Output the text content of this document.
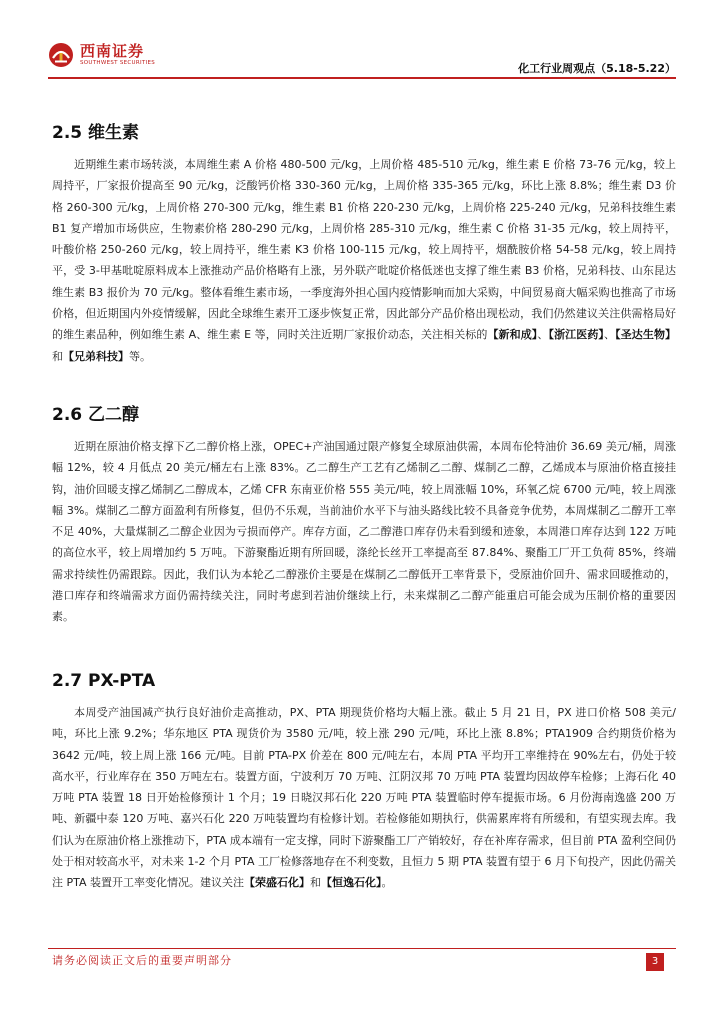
西南证券
SOUTHWEST SECURITIES	化工行业周观点（5.18-5.22）
2.5 维生素

近期维生素市场转淡，本周维生素 A 价格 480-500 元/kg，上周价格 485-510 元/kg，维生素 E 价格 73-76 元/kg，较上周持平，厂家报价提高至 90 元/kg，泛酸钙价格 330-360 元/kg，上周价格 335-365 元/kg，环比上涨 8.8%；维生素 D3 价格 260-300 元/kg，上周价格 270-300 元/kg，维生素 B1 价格 220-230 元/kg，上周价格 225-240 元/kg，兄弟科技维生素 B1 复产增加市场供应，生物素价格 280-290 元/kg，上周价格 285-310 元/kg，维生素 C 价格 31-35 元/kg，较上周持平，叶酸价格 250-260 元/kg，较上周持平，维生素 K3 价格 100-115 元/kg，较上周持平，烟酰胺价格 54-58 元/kg，较上周持平，受 3-甲基吡啶原料成本上涨推动产品价格略有上涨，另外联产吡啶价格低迷也支撑了维生素 B3 价格，兄弟科技、山东昆达维生素 B3 报价为 70 元/kg。整体看维生素市场，一季度海外担心国内疫情影响而加大采购，中间贸易商大幅采购也推高了市场价格，但近期国内外疫情缓解，因此全球维生素开工逐步恢复正常，因此部分产品价格出现松动，我们仍然建议关注供需格局好的维生素品种，例如维生素 A、维生素 E 等，同时关注近期厂家报价动态，关注相关标的【新和成】、【浙江医药】、【圣达生物】和【兄弟科技】等。

2.6 乙二醇

近期在原油价格支撑下乙二醇价格上涨，OPEC+产油国通过限产修复全球原油供需，本周布伦特油价 36.69 美元/桶，周涨幅 12%，较 4 月低点 20 美元/桶左右上涨 83%。乙二醇生产工艺有乙烯制乙二醇、煤制乙二醇，乙烯成本与原油价格直接挂钩，油价回暖支撑乙烯制乙二醇成本，乙烯 CFR 东南亚价格 555 美元/吨，较上周涨幅 10%，环氧乙烷 6700 元/吨，较上周涨幅 3%。煤制乙二醇方面盈利有所修复，但仍不乐观，当前油价水平下与油头路线比较不具备竞争优势，本周煤制乙二醇开工率不足 40%，大量煤制乙二醇企业因为亏损而停产。库存方面，乙二醇港口库存仍未看到缓和迹象，本周港口库存达到 122 万吨的高位水平，较上周增加约 5 万吨。下游聚酯近期有所回暖，涤纶长丝开工率提高至 87.84%、聚酯工厂开工负荷 85%，终端需求持续性仍需跟踪。因此，我们认为本轮乙二醇涨价主要是在煤制乙二醇低开工率背景下，受原油价回升、需求回暖推动的，港口库存和终端需求方面仍需持续关注，同时考虑到若油价继续上行，未来煤制乙二醇产能重启可能会成为压制价格的重要因素。

2.7 PX-PTA

本周受产油国减产执行良好油价走高推动，PX、PTA 期现货价格均大幅上涨。截止 5 月 21 日，PX 进口价格 508 美元/吨，环比上涨 9.2%；华东地区 PTA 现货价为 3580 元/吨，较上涨 290 元/吨，环比上涨 8.8%；PTA1909 合约期货价格为 3642 元/吨，较上周上涨 166 元/吨。目前 PTA-PX 价差在 800 元/吨左右，本周 PTA 平均开工率维持在 90%左右，仍处于较高水平，行业库存在 350 万吨左右。装置方面，宁波利万 70 万吨、江阴汉邦 70 万吨 PTA 装置均因故停车检修；上海石化 40 万吨 PTA 装置 18 日开始检修预计 1 个月；19 日晓汉邦石化 220 万吨 PTA 装置临时停车提振市场。6 月份海南逸盛 200 万吨、新疆中泰 120 万吨、嘉兴石化 220 万吨装置均有检修计划。若检修能如期执行，供需累库将有所缓和，有望实现去库。我们认为在原油价格上涨推动下，PTA 成本端有一定支撑，同时下游聚酯工厂产销较好，存在补库存需求，但目前 PTA 盈利空间仍处于相对较高水平，对未来 1-2 个月 PTA 工厂检修落地存在不利变数，且恒力 5 期 PTA 装置有望于 6 月下旬投产，因此仍需关注 PTA 装置开工率变化情况。建议关注【荣盛石化】和【恒逸石化】。

请务必阅读正文后的重要声明部分	3
